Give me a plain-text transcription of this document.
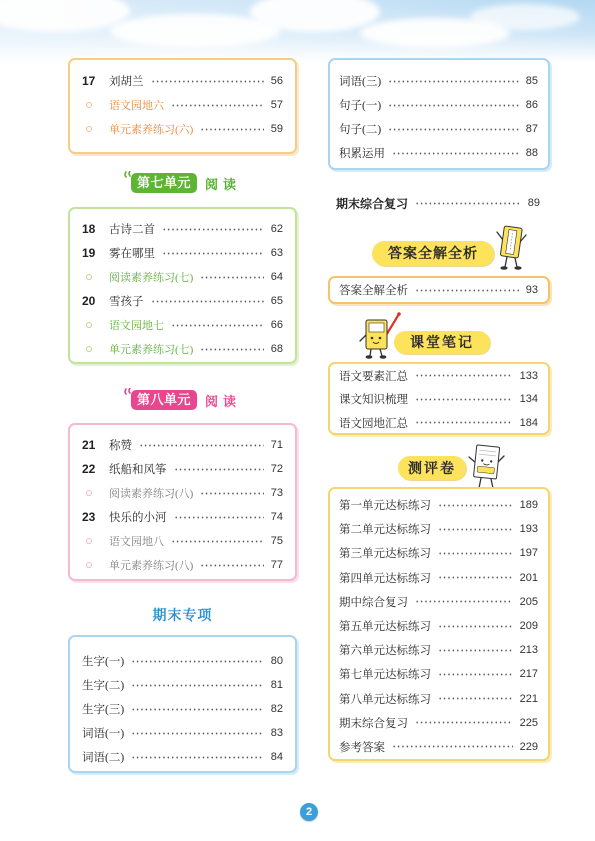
17	刘胡兰	56
语文园地六	57
单元素养练习(六)	59
第七单元	阅读
18	古诗二首	62
19	雾在哪里	63
阅读素养练习(七)	64
20	雪孩子	65
语文园地七	66
单元素养练习(七)	68
第八单元	阅读
21	称赞	71
22	纸船和风筝	72
阅读素养练习(八)	73
23	快乐的小河	74
语文园地八	75
单元素养练习(八)	77
期末专项
生字(一)	80
生字(二)	81
生字(三)	82
词语(一)	83
词语(二)	84
词语(三)	85
句子(一)	86
句子(二)	87
积累运用	88
期末综合复习	89
答案全解全析
答案全解全析	93
课堂笔记
语文要素汇总	133
课文知识梳理	134
语文园地汇总	184
测评卷
第一单元达标练习	189
第二单元达标练习	193
第三单元达标练习	197
第四单元达标练习	201
期中综合复习	205
第五单元达标练习	209
第六单元达标练习	213
第七单元达标练习	217
第八单元达标练习	221
期末综合复习	225
参考答案	229
2
